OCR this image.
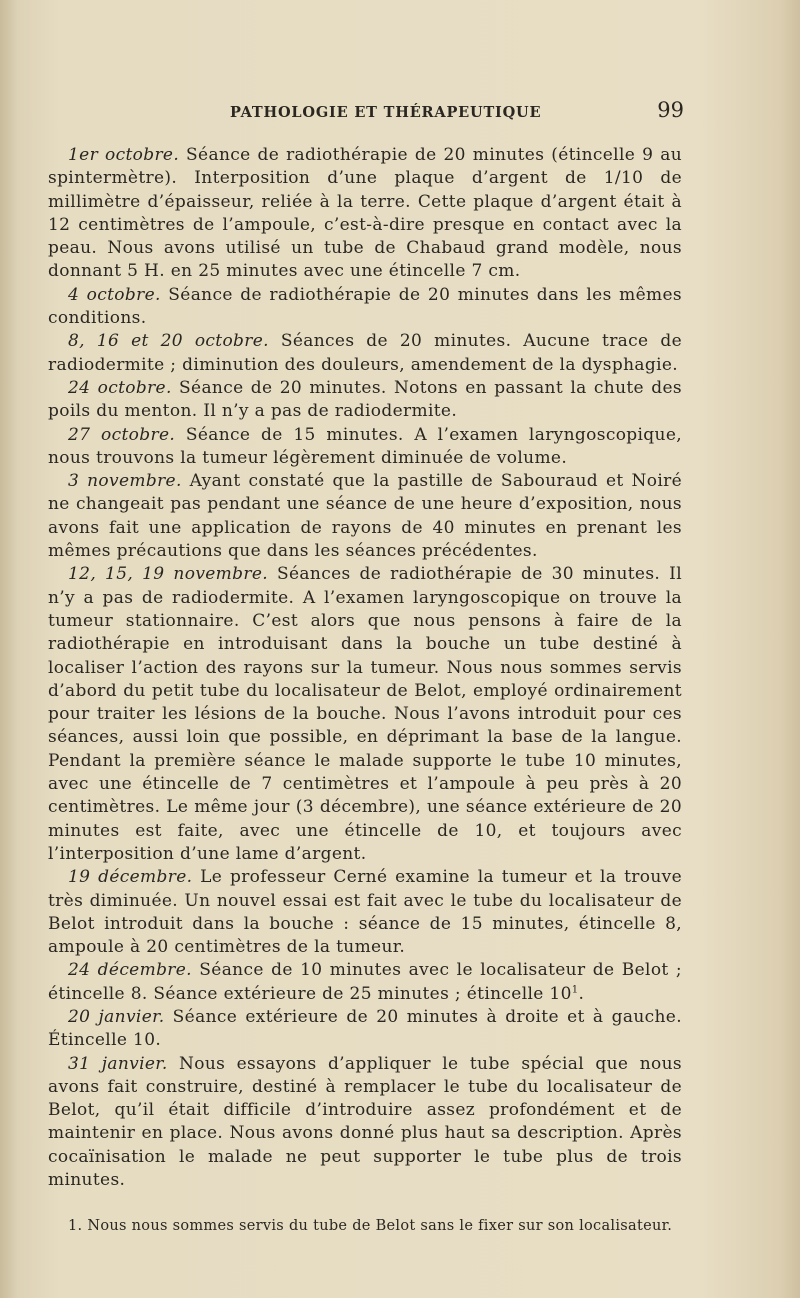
PATHOLOGIE ET THÉRAPEUTIQUE	99

1er octobre. Séance de radiothérapie de 20 minutes (étincelle 9 au spintermètre). Interposition d’une plaque d’argent de 1/10 de millimètre d’épaisseur, reliée à la terre. Cette plaque d’argent était à 12 centimètres de l’ampoule, c’est-à-dire presque en contact avec la peau. Nous avons utilisé un tube de Chabaud grand modèle, nous donnant 5 H. en 25 minutes avec une étincelle 7 cm.

4 octobre. Séance de radiothérapie de 20 minutes dans les mêmes conditions.

8, 16 et 20 octobre. Séances de 20 minutes. Aucune trace de radiodermite ; diminution des douleurs, amendement de la dysphagie.

24 octobre. Séance de 20 minutes. Notons en passant la chute des poils du menton. Il n’y a pas de radiodermite.

27 octobre. Séance de 15 minutes. A l’examen laryngoscopique, nous trouvons la tumeur légèrement diminuée de volume.

3 novembre. Ayant constaté que la pastille de Sabouraud et Noiré ne changeait pas pendant une séance de une heure d’exposition, nous avons fait une application de rayons de 40 minutes en prenant les mêmes précautions que dans les séances précédentes.

12, 15, 19 novembre. Séances de radiothérapie de 30 minutes. Il n’y a pas de radiodermite. A l’examen laryngoscopique on trouve la tumeur stationnaire. C’est alors que nous pensons à faire de la radiothérapie en introduisant dans la bouche un tube destiné à localiser l’action des rayons sur la tumeur. Nous nous sommes servis d’abord du petit tube du localisateur de Belot, employé ordinairement pour traiter les lésions de la bouche. Nous l’avons introduit pour ces séances, aussi loin que possible, en déprimant la base de la langue. Pendant la première séance le malade supporte le tube 10 minutes, avec une étincelle de 7 centimètres et l’ampoule à peu près à 20 centimètres. Le même jour (3 décembre), une séance extérieure de 20 minutes est faite, avec une étincelle de 10, et toujours avec l’interposition d’une lame d’argent.

19 décembre. Le professeur Cerné examine la tumeur et la trouve très diminuée. Un nouvel essai est fait avec le tube du localisateur de Belot introduit dans la bouche : séance de 15 minutes, étincelle 8, ampoule à 20 centimètres de la tumeur.

24 décembre. Séance de 10 minutes avec le localisateur de Belot ; étincelle 8. Séance extérieure de 25 minutes ; étincelle $10^1$.

20 janvier. Séance extérieure de 20 minutes à droite et à gauche. Étincelle 10.

31 janvier. Nous essayons d’appliquer le tube spécial que nous avons fait construire, destiné à remplacer le tube du localisateur de Belot, qu’il était difficile d’introduire assez profondément et de maintenir en place. Nous avons donné plus haut sa description. Après cocaïnisation le malade ne peut supporter le tube plus de trois minutes.

1. Nous nous sommes servis du tube de Belot sans le fixer sur son localisateur.
